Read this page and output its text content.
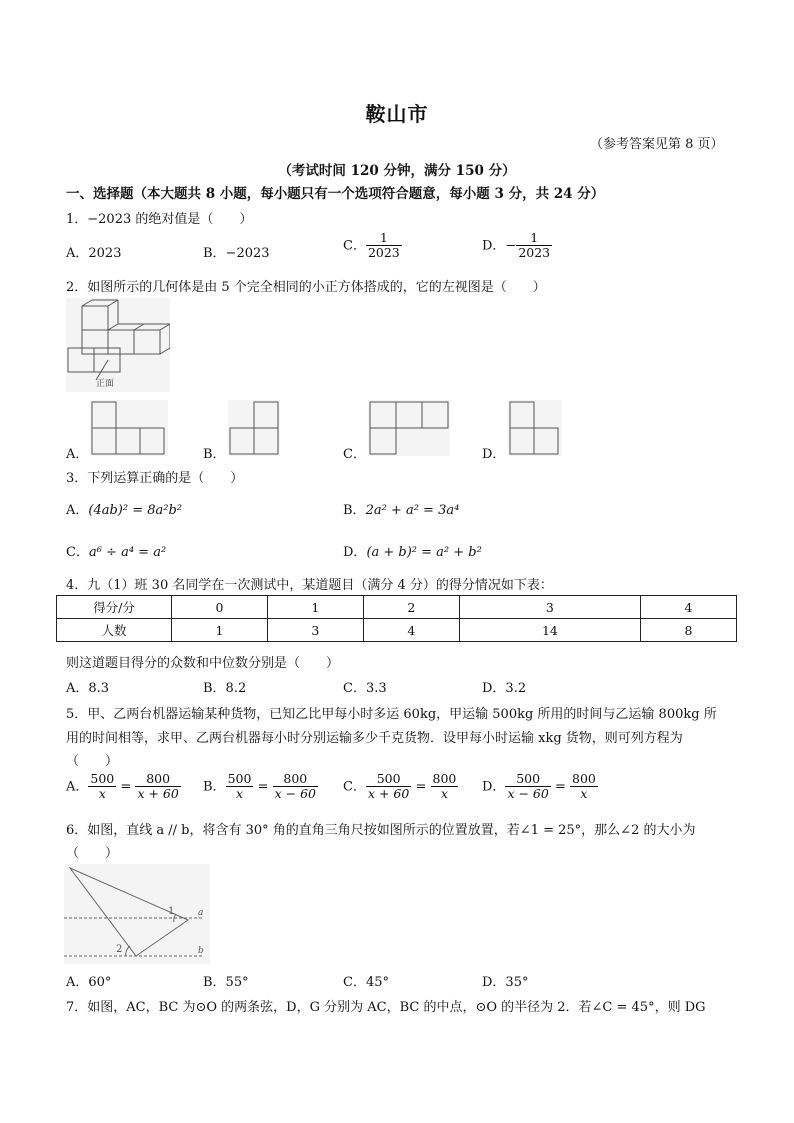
鞍山市
（参考答案见第 8 页）
（考试时间 120 分钟，满分 150 分）
一、选择题（本大题共 8 小题，每小题只有一个选项符合题意，每小题 3 分，共 24 分）
1．−2023 的绝对值是（　　）
A．2023	B．−2023
C． $\frac{1}{2023}$	D．− $\frac{1}{2023}$
2．如图所示的几何体是由 5 个完全相同的小正方体搭成的，它的左视图是（　　）
正面
A．	B．	C．	D．
3．下列运算正确的是（　　）
A．(4ab)² = 8a²b²	B．2a² + a² = 3a⁴
C．a⁶ ÷ a⁴ = a²	D．(a + b)² = a² + b²
4．九（1）班 30 名同学在一次测试中，某道题目（满分 4 分）的得分情况如下表：
得分/分	0	1	2	3	4
人数	1	3	4	14	8
则这道题目得分的众数和中位数分别是（　　）
A．8.3	B．8.2	C．3.3	D．3.2
5．甲、乙两台机器运输某种货物，已知乙比甲每小时多运 60kg，甲运输 500kg 所用的时间与乙运输 800kg 所
用的时间相等，求甲、乙两台机器每小时分别运输多少千克货物．设甲每小时运输 xkg 货物，则可列方程为
（　　）
A． $\frac{500}{x} = \frac{800}{x + 60}$ B． $\frac{500}{x} = \frac{800}{x - 60}$ C． $\frac{500}{x + 60} = \frac{800}{x}$ D． $\frac{500}{x - 60} = \frac{800}{x}$
6．如图，直线 a // b，将含有 30° 角的直角三角尺按如图所示的位置放置，若∠1 = 25°，那么∠2 的大小为
（　　）
1
2
a
b
A．60°	B．55°	C．45°	D．35°
7．如图，AC，BC 为⊙O 的两条弦，D，G 分别为 AC，BC 的中点，⊙O 的半径为 2．若∠C = 45°，则 DG
